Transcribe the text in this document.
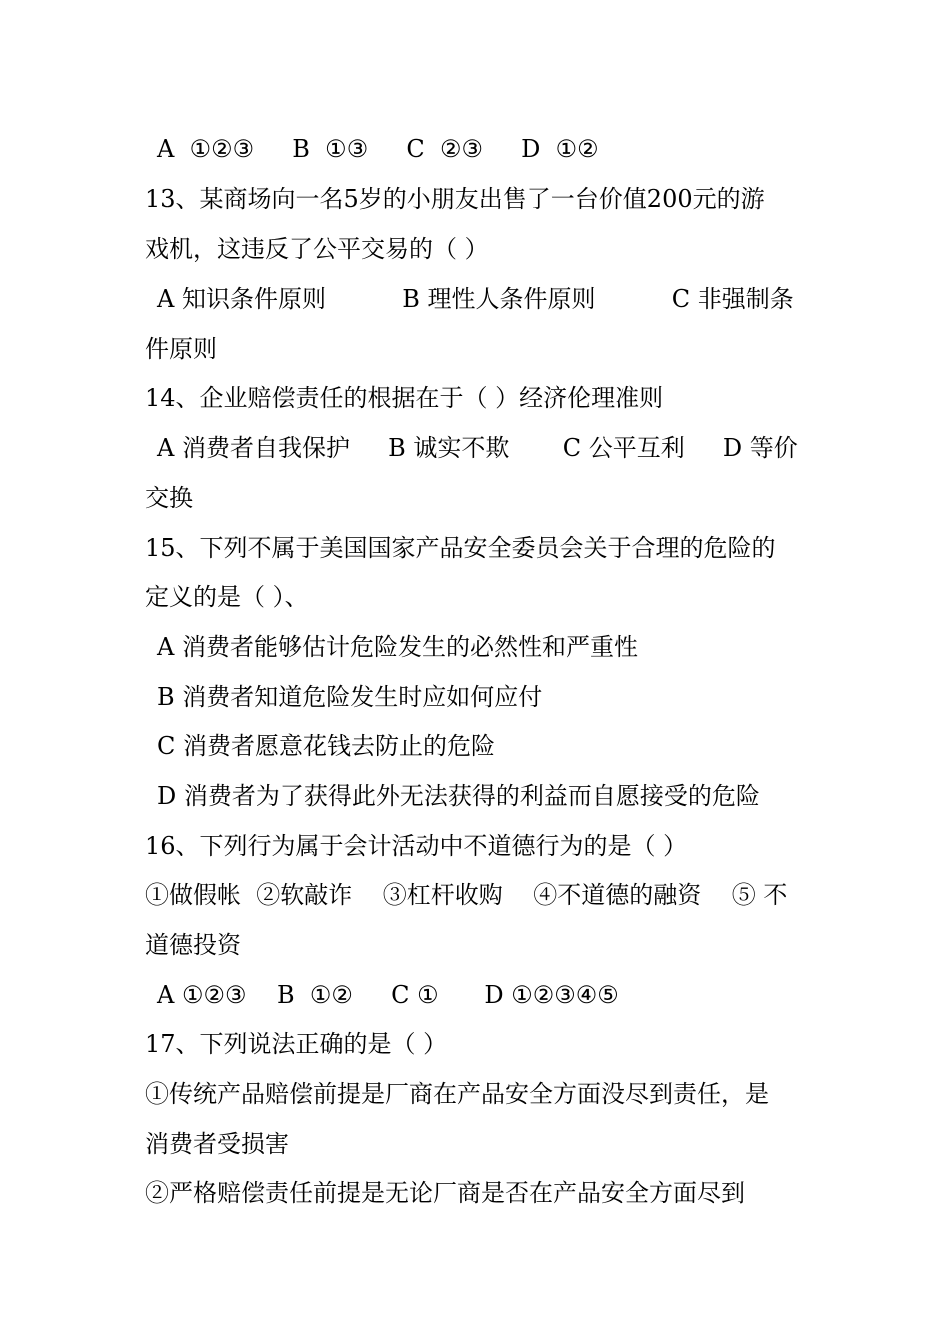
A  ①②③     B  ①③     C  ②③     D  ①②
13、某商场向一名5岁的小朋友出售了一台价值200元的游
戏机，这违反了公平交易的（ ）
A 知识条件原则          B 理性人条件原则          C 非强制条
件原则
14、企业赔偿责任的根据在于（ ）经济伦理准则
A 消费者自我保护     B 诚实不欺       C 公平互利     D 等价
交换
15、下列不属于美国国家产品安全委员会关于合理的危险的
定义的是（ ）、
A 消费者能够估计危险发生的必然性和严重性
B 消费者知道危险发生时应如何应付
C 消费者愿意花钱去防止的危险
D 消费者为了获得此外无法获得的利益而自愿接受的危险
16、下列行为属于会计活动中不道德行为的是（ ）
①做假帐  ②软敲诈    ③杠杆收购    ④不道德的融资    ⑤ 不
道德投资
A ①②③    B  ①②     C ①      D ①②③④⑤
17、下列说法正确的是（ ）
①传统产品赔偿前提是厂商在产品安全方面没尽到责任，是
消费者受损害
②严格赔偿责任前提是无论厂商是否在产品安全方面尽到
